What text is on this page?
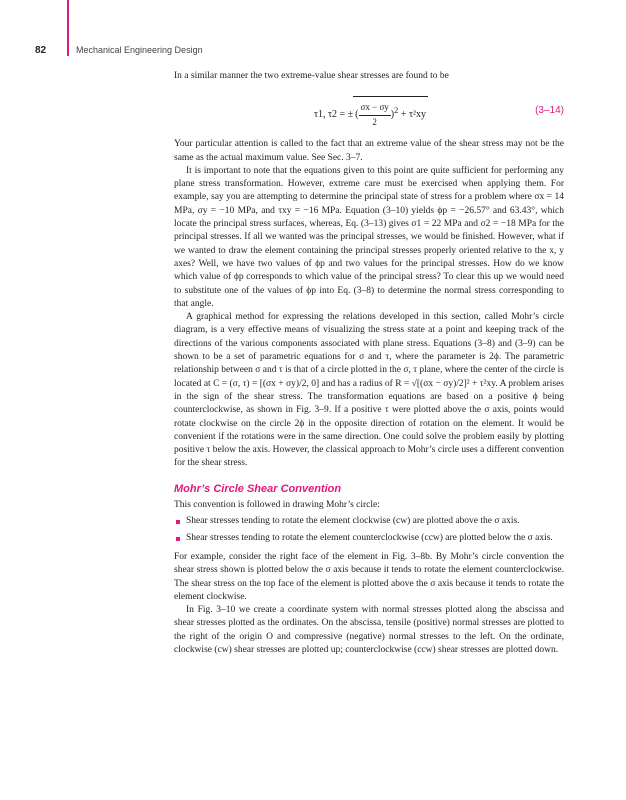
82	Mechanical Engineering Design

In a similar manner the two extreme-value shear stresses are found to be

τ1, τ2 = ± ( $\frac{\sigma x - \sigma y}{2} )^2 + \tau^2xy$	(3–14)

Your particular attention is called to the fact that an extreme value of the shear stress may not be the same as the actual maximum value. See Sec. 3–7.

It is important to note that the equations given to this point are quite sufficient for performing any plane stress transformation. However, extreme care must be exercised when applying them. For example, say you are attempting to determine the principal state of stress for a problem where σx = 14 MPa, σy = −10 MPa, and τxy = −16 MPa. Equation (3–10) yields ϕp = −26.57° and 63.43°, which locate the principal stress surfaces, whereas, Eq. (3–13) gives σ1 = 22 MPa and σ2 = −18 MPa for the principal stresses. If all we wanted was the principal stresses, we would be finished. However, what if we wanted to draw the element containing the principal stresses properly oriented relative to the x, y axes? Well, we have two values of ϕp and two values for the principal stresses. How do we know which value of ϕp corresponds to which value of the principal stress? To clear this up we would need to substitute one of the values of ϕp into Eq. (3–8) to determine the normal stress corresponding to that angle.

A graphical method for expressing the relations developed in this section, called Mohr’s circle diagram, is a very effective means of visualizing the stress state at a point and keeping track of the directions of the various components associated with plane stress. Equations (3–8) and (3–9) can be shown to be a set of parametric equations for σ and τ, where the parameter is 2ϕ. The parametric relationship between σ and τ is that of a circle plotted in the σ, τ plane, where the center of the circle is located at C = (σ, τ) = [(σx + σy)/2, 0] and has a radius of R = √[(σx − σy)/2]² + τ²xy. A problem arises in the sign of the shear stress. The transformation equations are based on a positive ϕ being counterclockwise, as shown in Fig. 3–9. If a positive τ were plotted above the σ axis, points would rotate clockwise on the circle 2ϕ in the opposite direction of rotation on the element. It would be convenient if the rotations were in the same direction. One could solve the problem easily by plotting positive τ below the axis. However, the classical approach to Mohr’s circle uses a different convention for the shear stress.

Mohr’s Circle Shear Convention

This convention is followed in drawing Mohr’s circle:

Shear stresses tending to rotate the element clockwise (cw) are plotted above the σ axis.
Shear stresses tending to rotate the element counterclockwise (ccw) are plotted below the σ axis.

For example, consider the right face of the element in Fig. 3–8b. By Mohr’s circle convention the shear stress shown is plotted below the σ axis because it tends to rotate the element counterclockwise. The shear stress on the top face of the element is plotted above the σ axis because it tends to rotate the element clockwise.

In Fig. 3–10 we create a coordinate system with normal stresses plotted along the abscissa and shear stresses plotted as the ordinates. On the abscissa, tensile (positive) normal stresses are plotted to the right of the origin O and compressive (negative) normal stresses to the left. On the ordinate, clockwise (cw) shear stresses are plotted up; counterclockwise (ccw) shear stresses are plotted down.
